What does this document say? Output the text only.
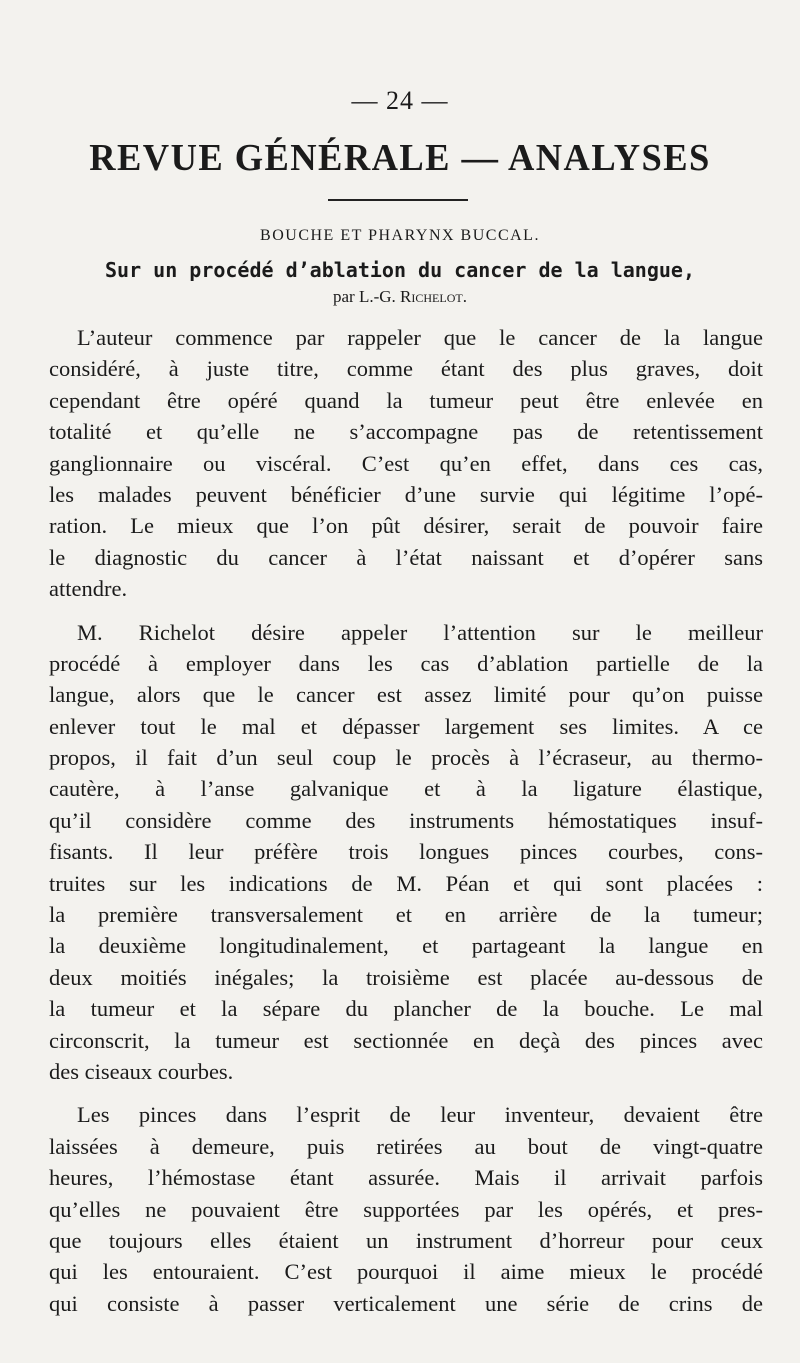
— 24 —
REVUE GÉNÉRALE — ANALYSES
BOUCHE ET PHARYNX BUCCAL.
Sur un procédé d’ablation du cancer de la langue,
par L.-G. Richelot.
L’auteur commence par rappeler que le cancer de la langue
considéré, à juste titre, comme étant des plus graves, doit
cependant être opéré quand la tumeur peut être enlevée en
totalité et qu’elle ne s’accompagne pas de retentissement
ganglionnaire ou viscéral. C’est qu’en effet, dans ces cas,
les malades peuvent bénéficier d’une survie qui légitime l’opé-
ration. Le mieux que l’on pût désirer, serait de pouvoir faire
le diagnostic du cancer à l’état naissant et d’opérer sans
attendre.
M. Richelot désire appeler l’attention sur le meilleur
procédé à employer dans les cas d’ablation partielle de la
langue, alors que le cancer est assez limité pour qu’on puisse
enlever tout le mal et dépasser largement ses limites. A ce
propos, il fait d’un seul coup le procès à l’écraseur, au thermo-
cautère, à l’anse galvanique et à la ligature élastique,
qu’il considère comme des instruments hémostatiques insuf-
fisants. Il leur préfère trois longues pinces courbes, cons-
truites sur les indications de M. Péan et qui sont placées :
la première transversalement et en arrière de la tumeur;
la deuxième longitudinalement, et partageant la langue en
deux moitiés inégales; la troisième est placée au-dessous de
la tumeur et la sépare du plancher de la bouche. Le mal
circonscrit, la tumeur est sectionnée en deçà des pinces avec
des ciseaux courbes.
Les pinces dans l’esprit de leur inventeur, devaient être
laissées à demeure, puis retirées au bout de vingt-quatre
heures, l’hémostase étant assurée. Mais il arrivait parfois
qu’elles ne pouvaient être supportées par les opérés, et pres-
que toujours elles étaient un instrument d’horreur pour ceux
qui les entouraient. C’est pourquoi il aime mieux le procédé
qui consiste à passer verticalement une série de crins de
